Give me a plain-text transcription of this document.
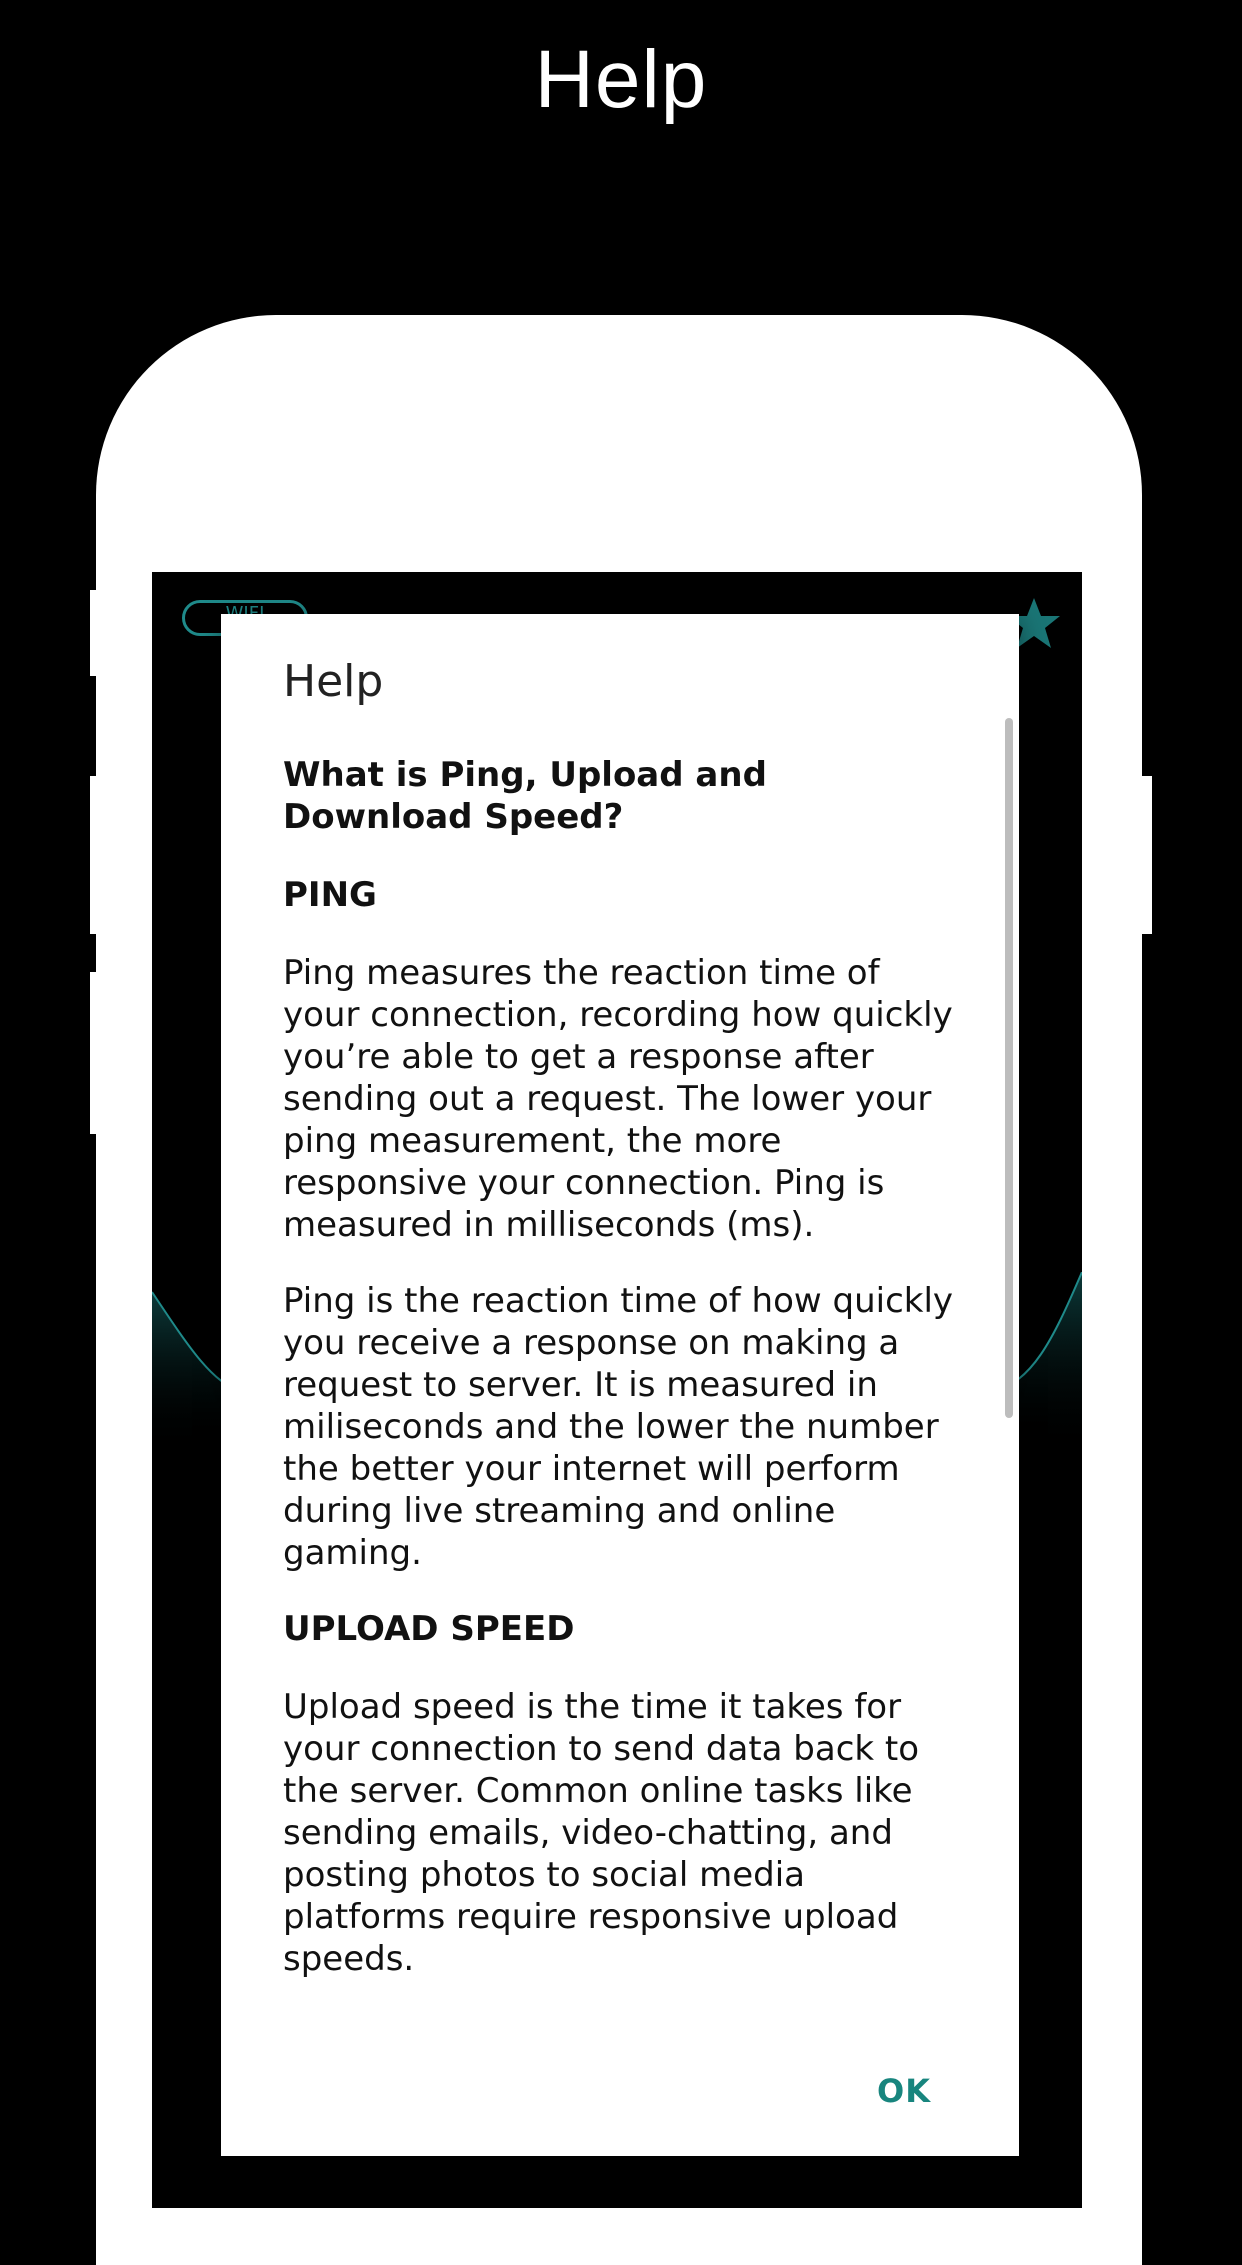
Help
Help
What is Ping, Upload and Download Speed?
PING
Ping measures the reaction time of your connection, recording how quickly you’re able to get a response after sending out a request. The lower your ping measurement, the more responsive your connection. Ping is measured in milliseconds (ms).
Ping is the reaction time of how quickly you receive a response on making a request to server. It is measured in miliseconds and the lower the number the better your internet will perform during live streaming and online gaming.
UPLOAD SPEED
Upload speed is the time it takes for your connection to send data back to the server. Common online tasks like sending emails, video-chatting, and posting photos to social media platforms require responsive upload speeds.
OK
